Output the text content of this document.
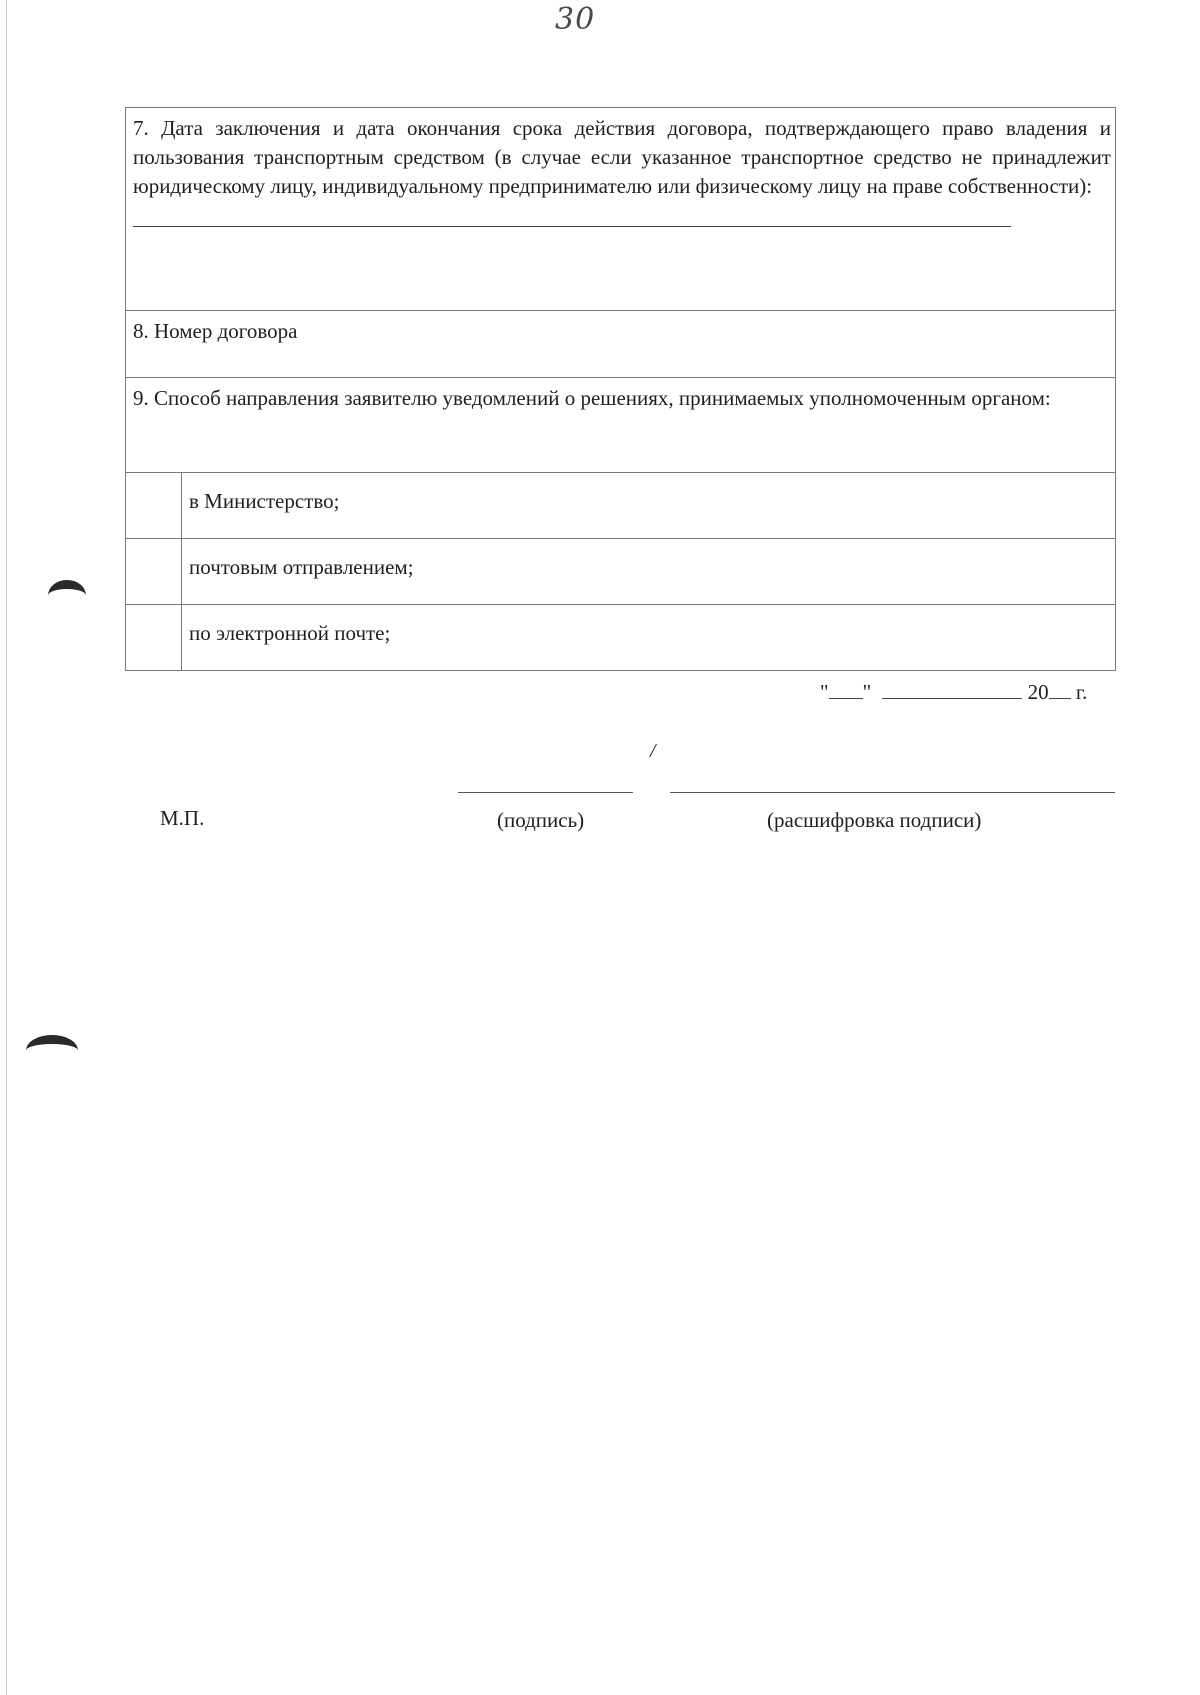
30
7. Дата заключения и дата окончания срока действия договора, подтверждающего право владения и пользования транспортным средством (в случае если указанное транспортное средство не принадлежит юридическому лицу, индивидуальному предпринимателю или физическому лицу на праве собственности):	

8. Номер договора	

9. Способ направления заявителю уведомлений о решениях, принимаемых уполномоченным органом:	

	в Министерство;

	почтовым отправлением;

	по электронной почте;
" "	20 г.
/
М.П.	(подпись)	(расшифровка подписи)
